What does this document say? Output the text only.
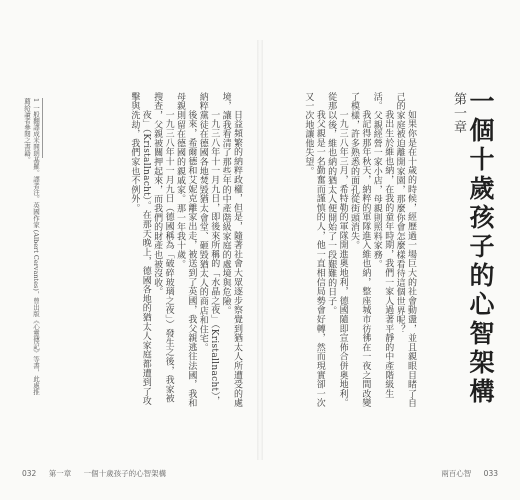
日益頻繁的納粹政權，但是，隨著社會大眾逐步察覺到猶太人所遭受的處境，讓我看清了那些年的中產階級家庭的處境與危險。

一九三八年十一月九日，即後來所稱的「水晶之夜」（Kristallnacht），納粹黨徒在德國各地焚毀猶太會堂、砸毀猶太人的商店和住宅。

後來，希爾德和艾妮克離家出走，被送到了英國，我父親逃往法國，我和母親則留在德國的親戚家。那一年我十歲。

一九三八年十一月九日（德國稱為「破碎玻璃之夜」）發生之後，我家被搜查，父親被關押起來，而我們的財產也被沒收。

夜」（Kristallnacht）。在那天晚上，德國各地的猶太人家庭都遭到了攻擊與洗劫，我們家也不例外。

1 一般翻譯成米開朗基羅。譯者注。英國作家 (Albert Cervantes)，曾出版《心靈傳記》等書，此處推薦給讀者參閱之書籍。
032 第一章 一個十歲孩子的心智架構
一個十歲孩子的心智架構
第一章

如果你是在十歲的時候，經歷過一場巨大的社會動盪，並且親眼目睹了自己的家庭被迫離開家園，那麼你會怎麼樣看待這個世界呢？

我出生於維也納，在我的童年時期，我們一家人過著平靜的中產階級生活。父親經營一家小店，母親則照料家務。

我記得那年秋天，納粹的軍隊進入維也納，整座城市彷彿在一夜之間改變了模樣，許多熟悉的面孔從街頭消失。

一九三八年三月，希特勒的軍隊開進奧地利，德國隨即宣佈合併奧地利。從那以後，維也納的猶太人便開始了一段艱難的日子。

我父親是一名勤奮而謹慎的人，他一直相信局勢會好轉，然而現實卻一次又一次地讓他失望。

兩百心智 033
